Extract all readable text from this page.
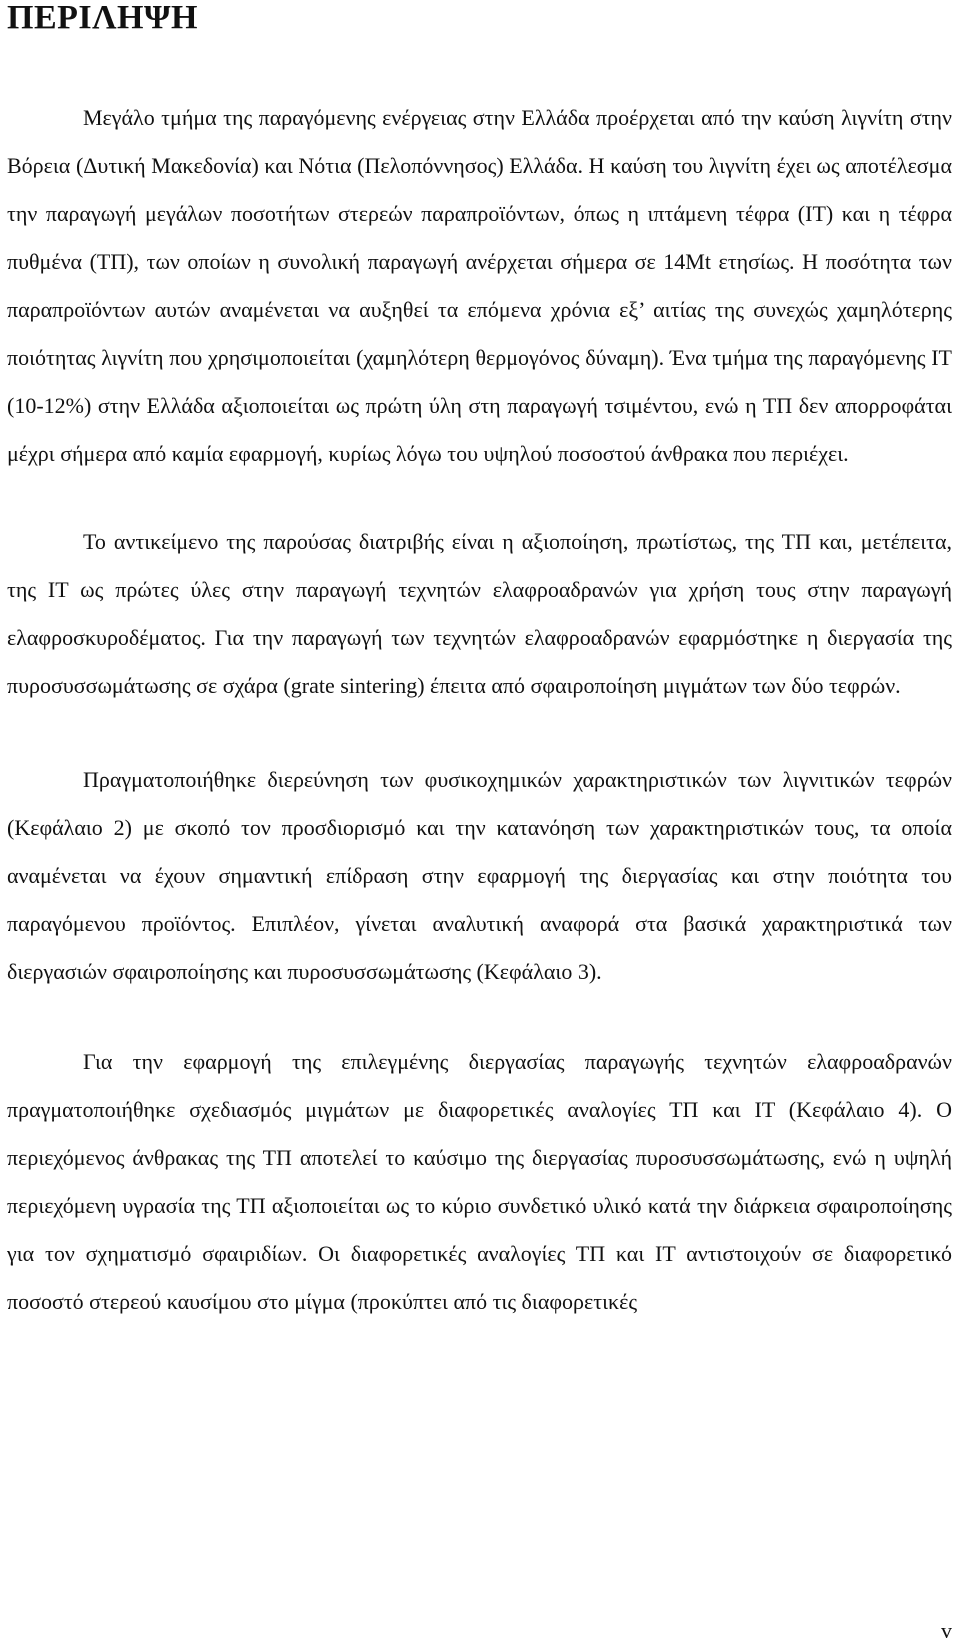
ΠΕΡΙΛΗΨΗ

Μεγάλο τμήμα της παραγόμενης ενέργειας στην Ελλάδα προέρχεται από την καύση λιγνίτη στην Βόρεια (Δυτική Μακεδονία) και Νότια (Πελοπόννησος) Ελλάδα. Η καύση του λιγνίτη έχει ως αποτέλεσμα την παραγωγή μεγάλων ποσοτήτων στερεών παραπροϊόντων, όπως η ιπτάμενη τέφρα (ΙΤ) και η τέφρα πυθμένα (ΤΠ), των οποίων η συνολική παραγωγή ανέρχεται σήμερα σε 14Mt ετησίως. Η ποσότητα των παραπροϊόντων αυτών αναμένεται να αυξηθεί τα επόμενα χρόνια εξ’ αιτίας της συνεχώς χαμηλότερης ποιότητας λιγνίτη που χρησιμοποιείται (χαμηλότερη θερμογόνος δύναμη). Ένα τμήμα της παραγόμενης ΙΤ (10-12%) στην Ελλάδα αξιοποιείται ως πρώτη ύλη στη παραγωγή τσιμέντου, ενώ η ΤΠ δεν απορροφάται μέχρι σήμερα από καμία εφαρμογή, κυρίως λόγω του υψηλού ποσοστού άνθρακα που περιέχει.

Το αντικείμενο της παρούσας διατριβής είναι η αξιοποίηση, πρωτίστως, της ΤΠ και, μετέπειτα, της ΙΤ ως πρώτες ύλες στην παραγωγή τεχνητών ελαφροαδρανών για χρήση τους στην παραγωγή ελαφροσκυροδέματος. Για την παραγωγή των τεχνητών ελαφροαδρανών εφαρμόστηκε η διεργασία της πυροσυσσωμάτωσης σε σχάρα (grate sintering) έπειτα από σφαιροποίηση μιγμάτων των δύο τεφρών.

Πραγματοποιήθηκε διερεύνηση των φυσικοχημικών χαρακτηριστικών των λιγνιτικών τεφρών (Κεφάλαιο 2) με σκοπό τον προσδιορισμό και την κατανόηση των χαρακτηριστικών τους, τα οποία αναμένεται να έχουν σημαντική επίδραση στην εφαρμογή της διεργασίας και στην ποιότητα του παραγόμενου προϊόντος. Επιπλέον, γίνεται αναλυτική αναφορά στα βασικά χαρακτηριστικά των διεργασιών σφαιροποίησης και πυροσυσσωμάτωσης (Κεφάλαιο 3).

Για την εφαρμογή της επιλεγμένης διεργασίας παραγωγής τεχνητών ελαφροαδρανών πραγματοποιήθηκε σχεδιασμός μιγμάτων με διαφορετικές αναλογίες ΤΠ και ΙΤ (Κεφάλαιο 4). Ο περιεχόμενος άνθρακας της ΤΠ αποτελεί το καύσιμο της διεργασίας πυροσυσσωμάτωσης, ενώ η υψηλή περιεχόμενη υγρασία της ΤΠ αξιοποιείται ως το κύριο συνδετικό υλικό κατά την διάρκεια σφαιροποίησης για τον σχηματισμό σφαιριδίων. Οι διαφορετικές αναλογίες ΤΠ και ΙΤ αντιστοιχούν σε διαφορετικό ποσοστό στερεού καυσίμου στο μίγμα (προκύπτει από τις διαφορετικές

v
